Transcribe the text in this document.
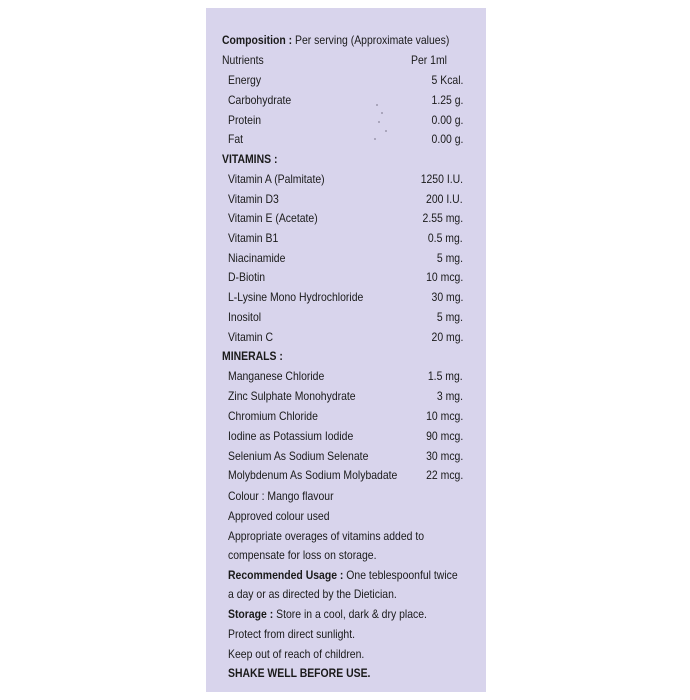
Energy	5 Kcal.
Carbohydrate	1.25 g.
Protein	0.00 g.
Fat	0.00 g.
Vitamin A (Palmitate)	1250 I.U.
Vitamin D3	200 I.U.
Vitamin E (Acetate)	2.55 mg.
Vitamin B1	0.5 mg.
Niacinamide	5 mg.
D-Biotin	10 mcg.
L-Lysine Mono Hydrochloride	30 mg.
Inositol	5 mg.
Vitamin C	20 mg.
Manganese Chloride	1.5 mg.
Zinc Sulphate Monohydrate	3 mg.
Chromium Chloride	10 mcg.
Iodine as Potassium Iodide	90 mcg.
Selenium As Sodium Selenate	30 mcg.
Molybdenum As Sodium Molybadate 22 mcg.
Composition : Per serving (Approximate values)
Nutrients	Per 1ml
VITAMINS :
MINERALS :
Colour : Mango flavour
Approved colour used
Appropriate overages of vitamins added to
compensate for loss on storage.
Recommended Usage : One teblespoonful twice
a day or as directed by the Dietician.
Storage : Store in a cool, dark & dry place.
Protect from direct sunlight.
Keep out of reach of children.
SHAKE WELL BEFORE USE.
